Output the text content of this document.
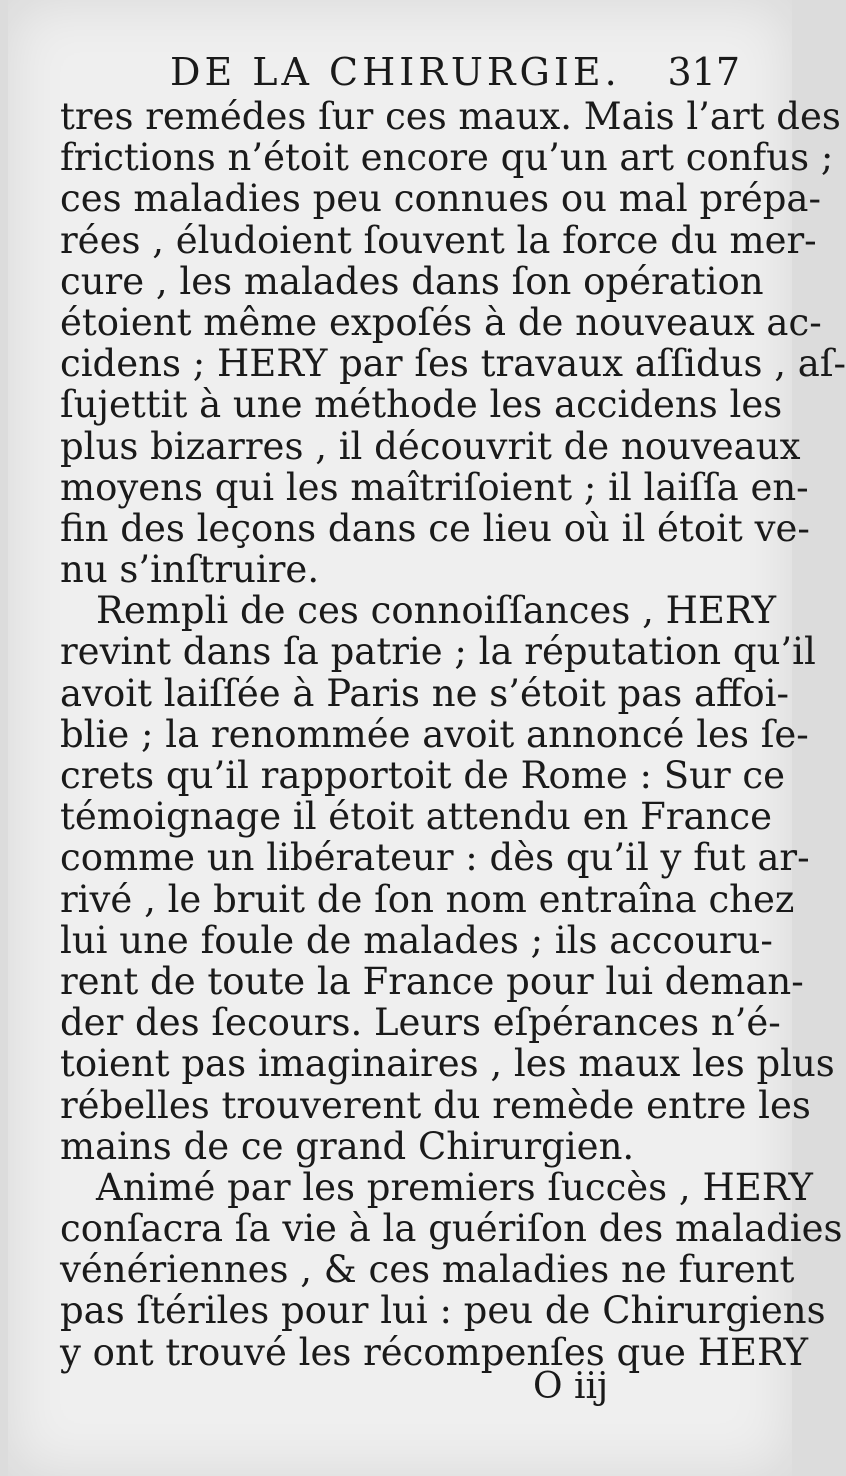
DE LA CHIRURGIE. 317
tres remédes ſur ces maux. Mais l’art des
frictions n’étoit encore qu’un art confus ;
ces maladies peu connues ou mal prépa-
rées , éludoient ſouvent la force du mer-
cure , les malades dans ſon opération
étoient même expoſés à de nouveaux ac-
cidens ; HERY par ſes travaux aſſidus , aſ-
ſujettit à une méthode les accidens les
plus bizarres , il découvrit de nouveaux
moyens qui les maîtriſoient ; il laiſſa en-
fin des leçons dans ce lieu où il étoit ve-
nu s’inſtruire.
Rempli de ces connoiſſances , HERY
revint dans ſa patrie ; la réputation qu’il
avoit laiſſée à Paris ne s’étoit pas affoi-
blie ; la renommée avoit annoncé les ſe-
crets qu’il rapportoit de Rome : Sur ce
témoignage il étoit attendu en France
comme un libérateur : dès qu’il y fut ar-
rivé , le bruit de ſon nom entraîna chez
lui une foule de malades ; ils accouru-
rent de toute la France pour lui deman-
der des ſecours. Leurs eſpérances n’é-
toient pas imaginaires , les maux les plus
rébelles trouverent du remède entre les
mains de ce grand Chirurgien.
Animé par les premiers ſuccès , HERY
conſacra ſa vie à la guériſon des maladies
vénériennes , & ces maladies ne furent
pas ſtériles pour lui : peu de Chirurgiens
y ont trouvé les récompenſes que HERY
O iij
